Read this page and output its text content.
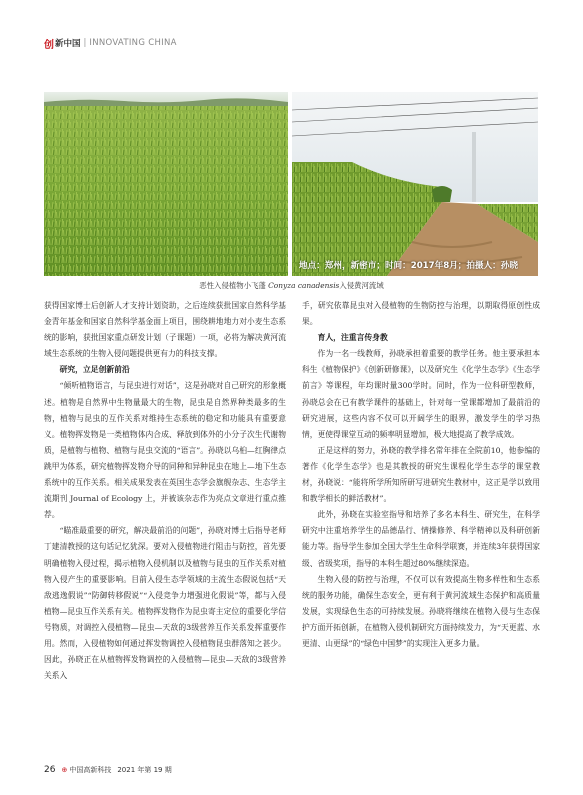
创 新中国 | INNOVATING CHINA
地点：郑州，新密市；时间：2017年8月；拍摄人：孙晓
恶性入侵植物小飞蓬 Conyza canadensis入侵黄河流域

获得国家博士后创新人才支持计划资助，之后连续获批国家自然科学基金青年基金和国家自然科学基金面上项目，围绕耕地地力对小麦生态系统的影响，获批国家重点研发计划（子课题）一项，必将为解决黄河流域生态系统的生物入侵问题提供更有力的科技支撑。

研究，立足创新前沿

“倾听植物语言，与昆虫进行对话”，这是孙晓对自己研究的形象概述。植物是自然界中生物量最大的生物，昆虫是自然界种类最多的生物，植物与昆虫的互作关系对维持生态系统的稳定和功能具有重要意义。植物挥发物是一类植物体内合成、释放到体外的小分子次生代谢物质，是植物与植物、植物与昆虫交流的“语言”。孙晓以乌桕—红胸律点跳甲为体系，研究植物挥发物介导的同种和异种昆虫在地上—地下生态系统中的互作关系。相关成果发表在英国生态学会旗舰杂志、生态学主流期刊 Journal of Ecology 上，并被该杂志作为亮点文章进行重点推荐。

“瞄准最重要的研究，解决最前沿的问题”，孙晓对博士后指导老师丁建清教授的这句话记忆犹深。要对入侵植物进行阻击与防控，首先要明确植物入侵过程，揭示植物入侵机制以及植物与昆虫的互作关系对植物入侵产生的重要影响。目前入侵生态学领域的主流生态假说包括“天敌逃逸假说”“防御转移假说”“入侵竞争力增强进化假说”等，都与入侵植物—昆虫互作关系有关。植物挥发物作为昆虫寄主定位的重要化学信号物质，对调控入侵植物—昆虫—天敌的3级营养互作关系发挥重要作用。然而，入侵植物如何通过挥发物调控入侵植物昆虫群落知之甚少。因此，孙晓正在从植物挥发物调控的入侵植物—昆虫—天敌的3级营养关系入

手，研究依靠昆虫对入侵植物的生物防控与治理，以期取得原创性成果。

育人，注重言传身教

作为一名一线教师，孙晓承担着重要的教学任务。他主要承担本科生《植物保护》《创新研修课》，以及研究生《化学生态学》《生态学前言》等课程，年均课时量300学时。同时，作为一位科研型教师，孙晓总会在已有教学课件的基础上，针对每一堂课都增加了最前沿的研究进展，这些内容不仅可以开阔学生的眼界，激发学生的学习热情，更使得课堂互动的频率明显增加，极大地提高了教学成效。

正是这样的努力，孙晓的教学排名常年排在全院前10，他参编的著作《化学生态学》也是其教授的研究生课程化学生态学的课堂教材，孙晓说：“能将所学所知所研写进研究生教材中，这正是学以致用和教学相长的鲜活教材”。

此外，孙晓在实验室指导和培养了多名本科生、研究生，在科学研究中注重培养学生的品德品行、情操修养、科学精神以及科研创新能力等。指导学生参加全国大学生生命科学联赛，并连续3年获得国家级、省级奖项，指导的本科生超过80%继续深造。

生物入侵的防控与治理，不仅可以有效提高生物多样性和生态系统的服务功能，确保生态安全，更有利于黄河流域生态保护和高质量发展，实现绿色生态的可持续发展。孙晓将继续在植物入侵与生态保护方面开拓创新，在植物入侵机制研究方面持续发力，为“天更蓝、水更清、山更绿”的“绿色中国梦”的实现注入更多力量。

26 ⊕ 中国高新科技 2021 年第 19 期
